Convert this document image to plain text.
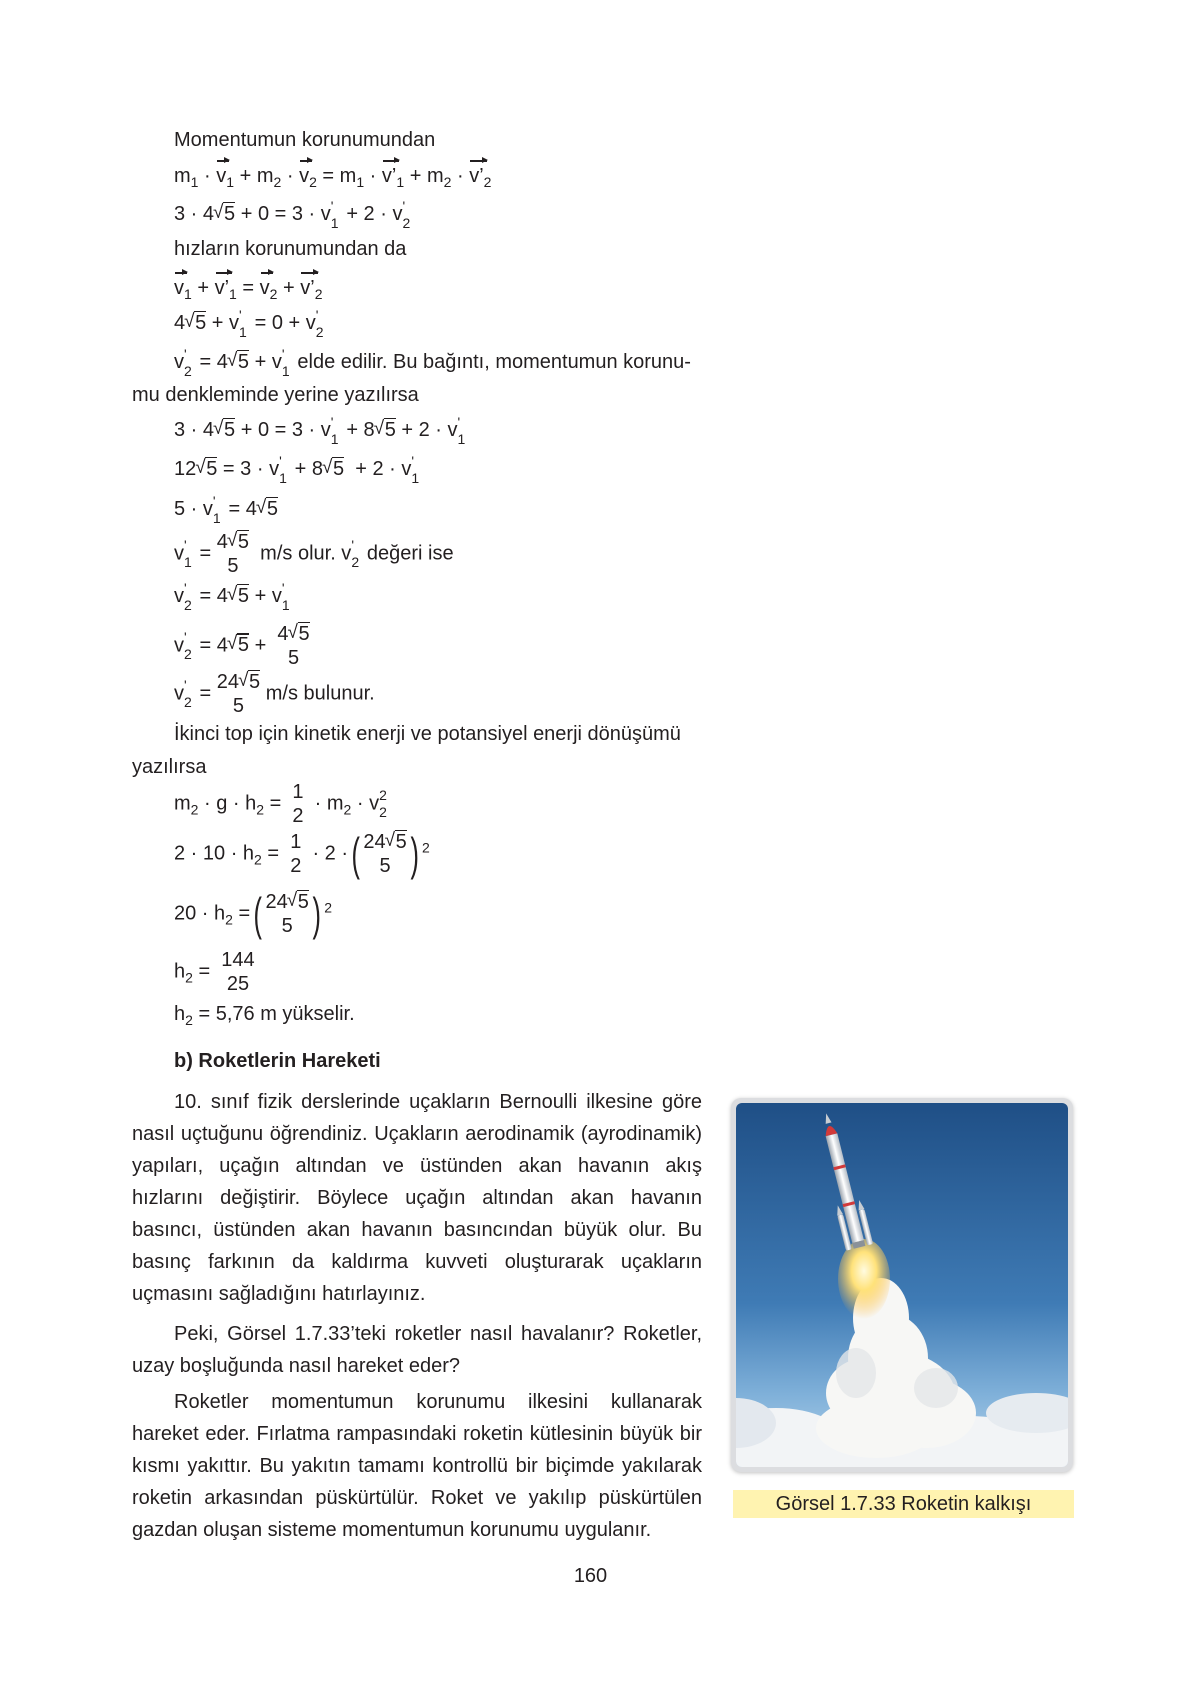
Momentumun korunumundan
$m_1 \cdot v_1 + m_2 \cdot v_2 = m_1$ · $v’_1 + m_2$ · $v’_2$
3 · 4 √ 5 + 0 = 3 · v '
1 + 2 · v '
2
hızların korunumundan da
$v_1$ + $v’_1 = v_2$ + $v’_2$
4 √ 5 + v '
1 = 0 + v '
2
v '
2 = 4 √ 5 + v '
1 elde edilir. Bu bağıntı, momentumun korunu-
mu denkleminde yerine yazılırsa
3 · 4 √ 5 + 0 = 3 · v '
1 + 8 √ 5 + 2 · v '
1
12 √ 5 = 3 · v '
1 + 8 √ 5  + 2 · v '
1
5 · v '
1 = 4 √ 5
v '
1 =
4 √ 5
5
m/s olur. v '
2 değeri ise
v '
2 = 4 √ 5 + v '
1
v '
2 = 4 √ 5 +
4 √ 5
5
v '
2 =
24 √ 5
5
m/s bulunur.
İkinci top için kinetik enerji ve potansiyel enerji dönüşümü
yazılırsa
$m_2 \cdot g \cdot h_2$ =
1
2
· $m_2 \cdot v$ 2
2
$2 \cdot 10 \cdot h_2$ =
1
2
· 2 ·( 24 √ 5
5 ) $^2$
$20 \cdot h_2$ =( 24 √ 5
5 ) $^2$
$h_2$ =
144
25
$h_2 = 5,76$ m yükselir.
b) Roketlerin Hareketi
10. sınıf fizik derslerinde uçakların Bernoulli ilkesine göre nasıl uçtuğunu öğrendiniz. Uçakların aerodinamik (ayrodinamik) yapıları, uçağın altından ve üstünden akan havanın akış hızlarını değiştirir. Böylece uçağın altından akan havanın basıncı, üstünden akan havanın basıncından büyük olur. Bu basınç farkının da kaldırma kuvveti oluşturarak uçakların uçmasını sağladığını hatırlayınız.
Peki, Görsel 1.7.33’teki roketler nasıl havalanır? Roketler, uzay boşluğunda nasıl hareket eder?
Roketler momentumun korunumu ilkesini kullanarak hareket eder. Fırlatma rampasındaki roketin kütlesinin büyük bir kısmı yakıttır. Bu yakıtın tamamı kontrollü bir biçimde yakılarak roketin arkasından püskürtülür. Roket ve yakılıp püskürtülen gazdan oluşan sisteme momentumun korunumu uygulanır.
Görsel 1.7.33 Roketin kalkışı
160
